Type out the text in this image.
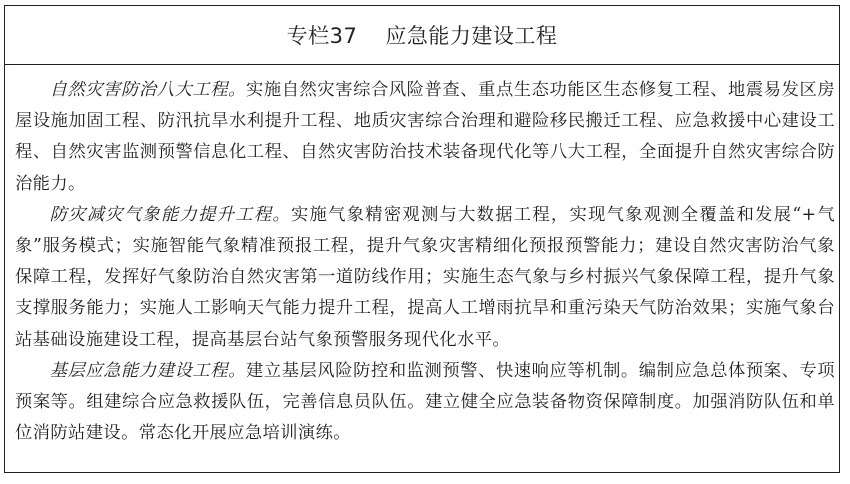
专栏37 应急能力建设工程

自然灾害防治八大工程。实施自然灾害综合风险普查、重点生态功能区生态修复工程、地震易发区房屋设施加固工程、防汛抗旱水利提升工程、地质灾害综合治理和避险移民搬迁工程、应急救援中心建设工程、自然灾害监测预警信息化工程、自然灾害防治技术装备现代化等八大工程，全面提升自然灾害综合防治能力。

防灾减灾气象能力提升工程。实施气象精密观测与大数据工程，实现气象观测全覆盖和发展“+气象”服务模式；实施智能气象精准预报工程，提升气象灾害精细化预报预警能力；建设自然灾害防治气象保障工程，发挥好气象防治自然灾害第一道防线作用；实施生态气象与乡村振兴气象保障工程，提升气象支撑服务能力；实施人工影响天气能力提升工程，提高人工增雨抗旱和重污染天气防治效果；实施气象台站基础设施建设工程，提高基层台站气象预警服务现代化水平。

基层应急能力建设工程。建立基层风险防控和监测预警、快速响应等机制。编制应急总体预案、专项预案等。组建综合应急救援队伍，完善信息员队伍。建立健全应急装备物资保障制度。加强消防队伍和单位消防站建设。常态化开展应急培训演练。
